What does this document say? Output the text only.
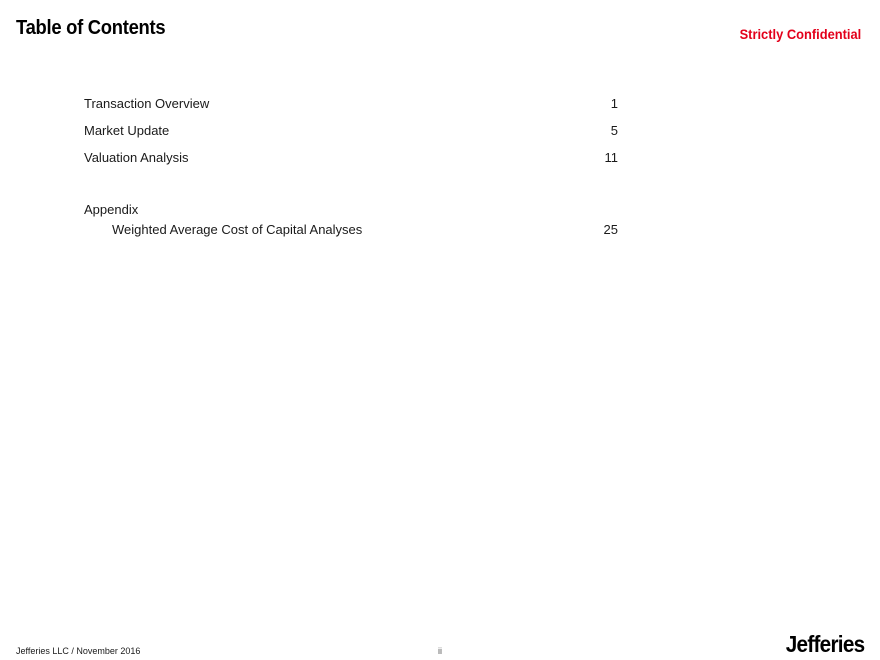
Table of Contents	Strictly Confidential
Transaction Overview	1
Market Update	5
Valuation Analysis	11
Appendix
Weighted Average Cost of Capital Analyses	25
Jefferies LLC / November 2016	ii	Jefferies
